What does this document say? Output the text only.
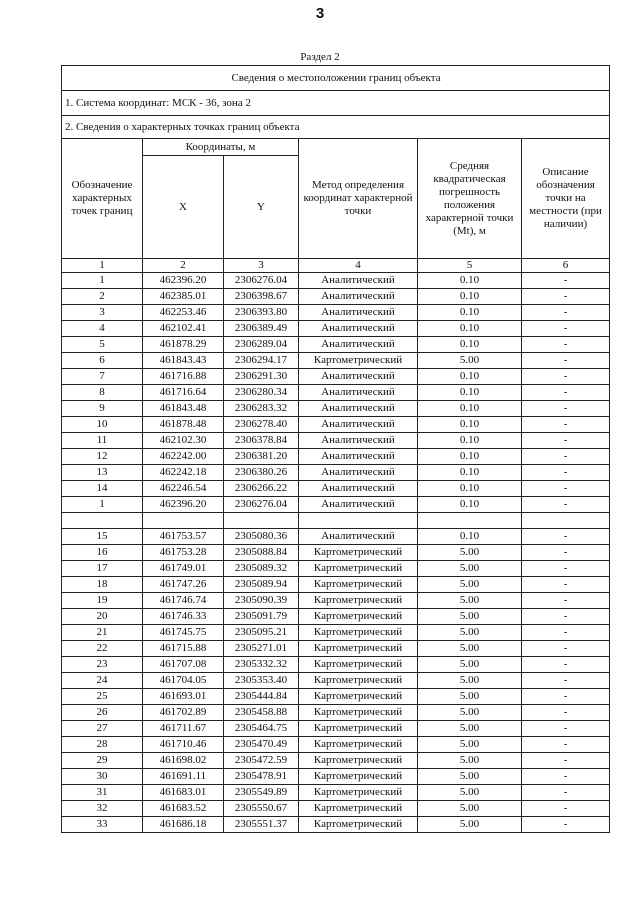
3
Раздел 2
Сведения о местоположении границ объекта					
1. Система координат: МСК - 36, зона 2					
2. Сведения о характерных точках границ объекта					
Обозначение характерных точек границ	Координаты, м		Метод определения координат характерной точки	Средняя квадратическая погрешность положения характерной точки (Mt), м	Описание обозначения точки на местности (при наличии)
	X	Y			
1	2	3	4	5	6
1	462396.20	2306276.04	Аналитический	0.10	-
2	462385.01	2306398.67	Аналитический	0.10	-
3	462253.46	2306393.80	Аналитический	0.10	-
4	462102.41	2306389.49	Аналитический	0.10	-
5	461878.29	2306289.04	Аналитический	0.10	-
6	461843.43	2306294.17	Картометрический	5.00	-
7	461716.88	2306291.30	Аналитический	0.10	-
8	461716.64	2306280.34	Аналитический	0.10	-
9	461843.48	2306283.32	Аналитический	0.10	-
10	461878.48	2306278.40	Аналитический	0.10	-
11	462102.30	2306378.84	Аналитический	0.10	-
12	462242.00	2306381.20	Аналитический	0.10	-
13	462242.18	2306380.26	Аналитический	0.10	-
14	462246.54	2306266.22	Аналитический	0.10	-
1	462396.20	2306276.04	Аналитический	0.10	-

15	461753.57	2305080.36	Аналитический	0.10	-
16	461753.28	2305088.84	Картометрический	5.00	-
17	461749.01	2305089.32	Картометрический	5.00	-
18	461747.26	2305089.94	Картометрический	5.00	-
19	461746.74	2305090.39	Картометрический	5.00	-
20	461746.33	2305091.79	Картометрический	5.00	-
21	461745.75	2305095.21	Картометрический	5.00	-
22	461715.88	2305271.01	Картометрический	5.00	-
23	461707.08	2305332.32	Картометрический	5.00	-
24	461704.05	2305353.40	Картометрический	5.00	-
25	461693.01	2305444.84	Картометрический	5.00	-
26	461702.89	2305458.88	Картометрический	5.00	-
27	461711.67	2305464.75	Картометрический	5.00	-
28	461710.46	2305470.49	Картометрический	5.00	-
29	461698.02	2305472.59	Картометрический	5.00	-
30	461691.11	2305478.91	Картометрический	5.00	-
31	461683.01	2305549.89	Картометрический	5.00	-
32	461683.52	2305550.67	Картометрический	5.00	-
33	461686.18	2305551.37	Картометрический	5.00	-
